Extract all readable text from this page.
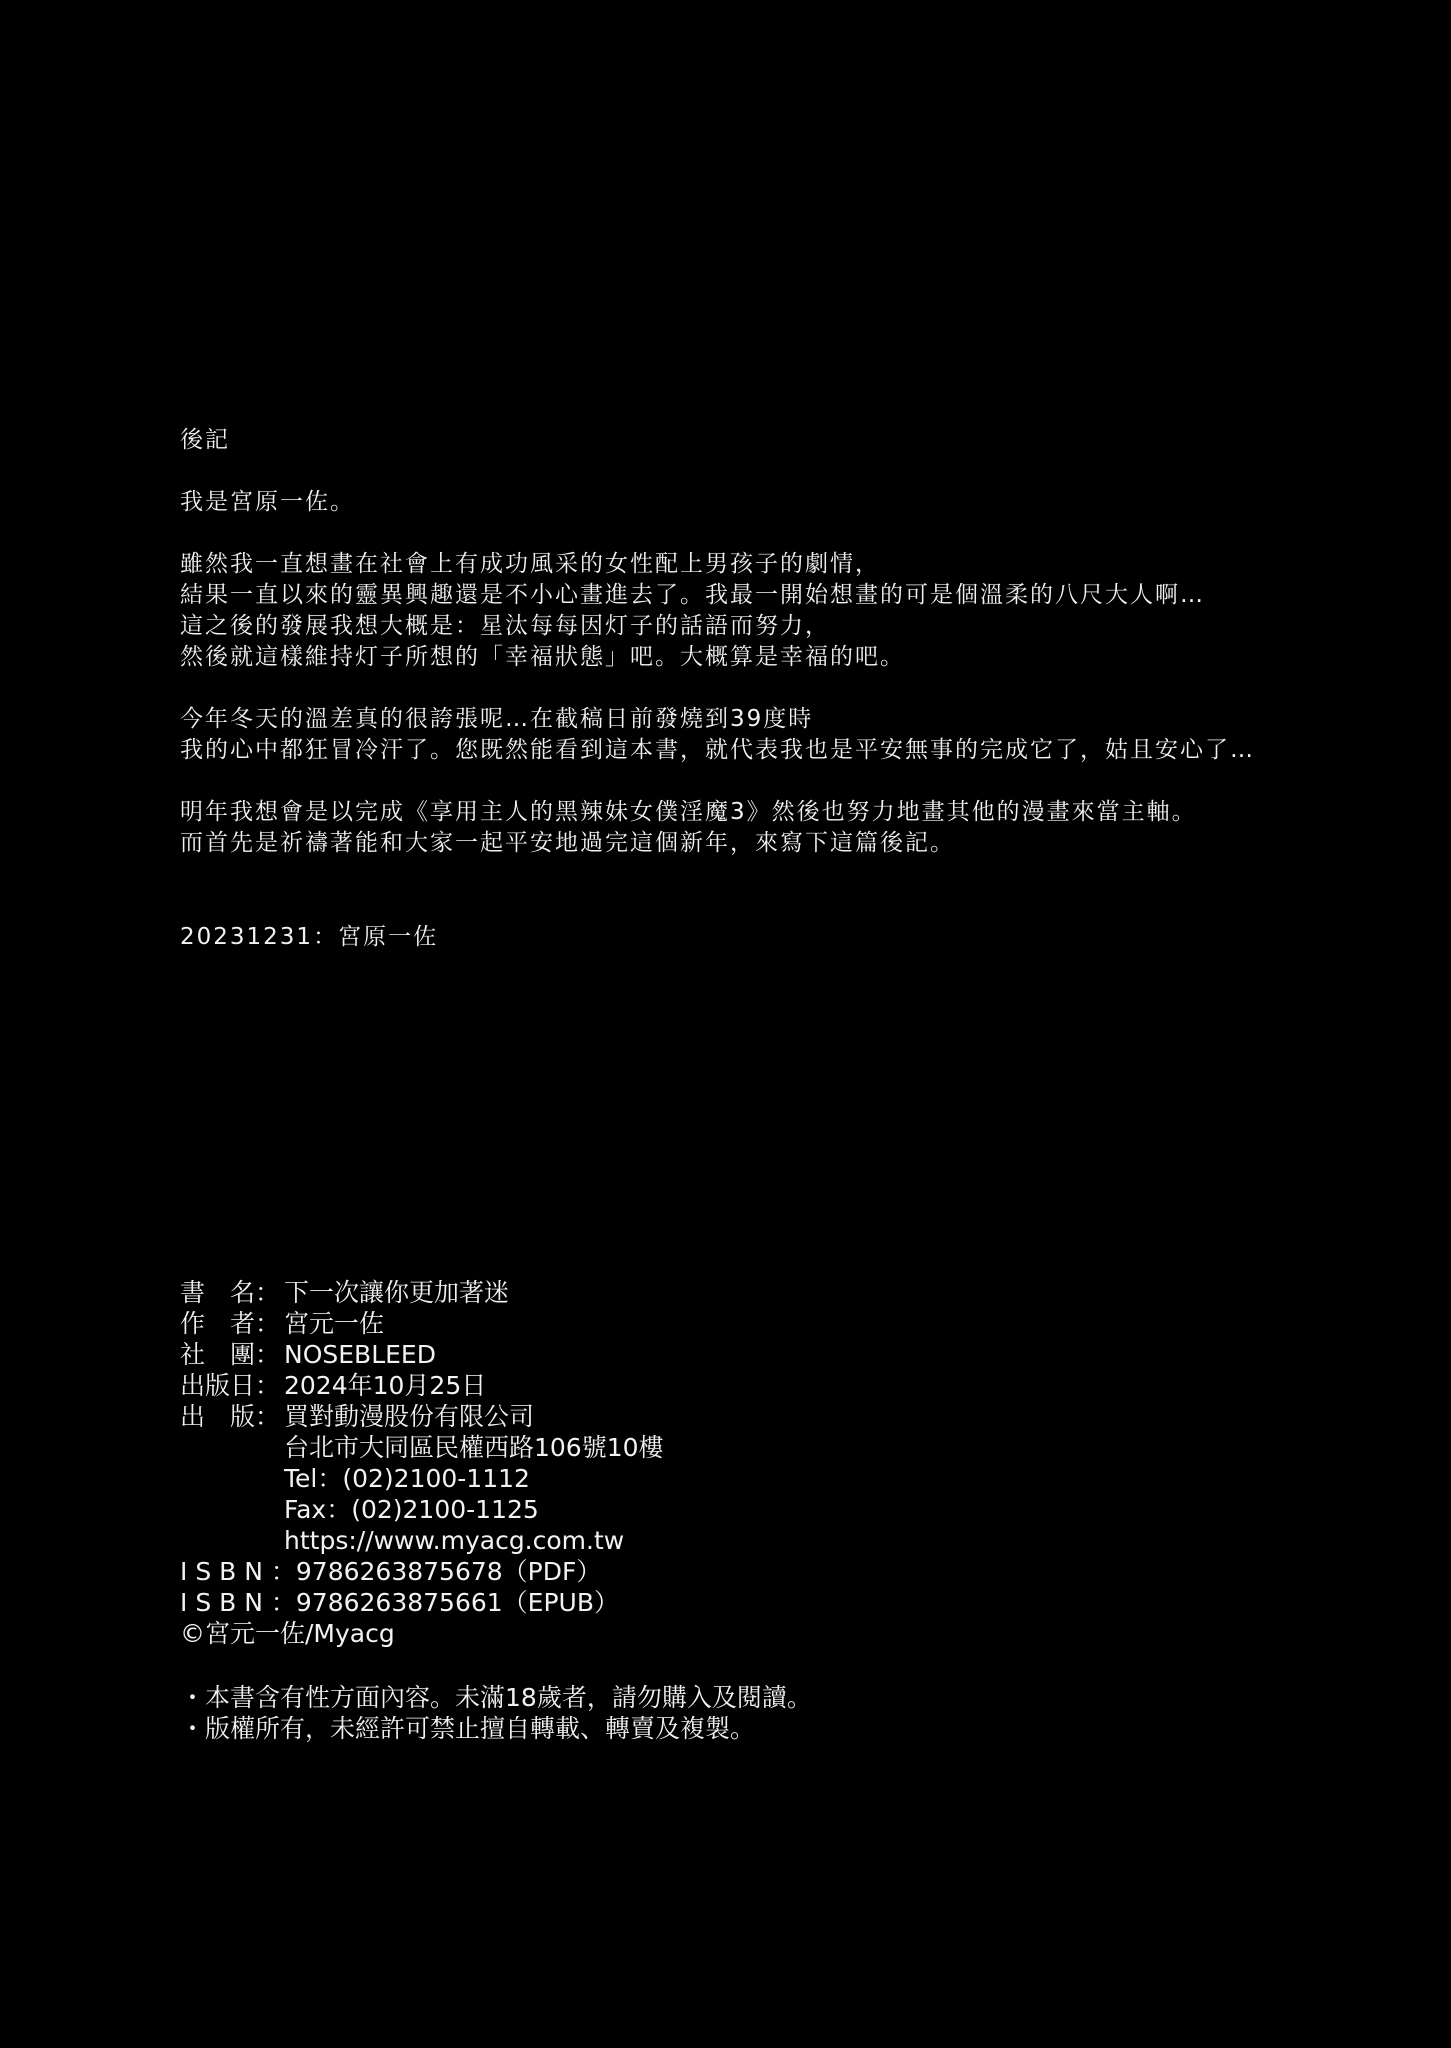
後記

我是宮原一佐。

雖然我一直想畫在社會上有成功風采的女性配上男孩子的劇情，

結果一直以來的靈異興趣還是不小心畫進去了。我最一開始想畫的可是個溫柔的八尺大人啊…

這之後的發展我想大概是：星汰每每因灯子的話語而努力，

然後就這樣維持灯子所想的「幸福狀態」吧。大概算是幸福的吧。

今年冬天的溫差真的很誇張呢…在截稿日前發燒到39度時

我的心中都狂冒冷汗了。您既然能看到這本書，就代表我也是平安無事的完成它了，姑且安心了…

明年我想會是以完成《享用主人的黑辣妹女僕淫魔3》然後也努力地畫其他的漫畫來當主軸。

而首先是祈禱著能和大家一起平安地過完這個新年，來寫下這篇後記。

20231231：宮原一佐
書　名： 下一次讓你更加著迷
作　者： 宮元一佐
社　團： NOSEBLEED
出版日： 2024年10月25日
出　版： 買對動漫股份有限公司
台北市大同區民權西路106號10樓
Tel：(02)2100-1112
Fax：(02)2100-1125
https://www.myacg.com.tw
I S B N ： 9786263875678（PDF）
I S B N ： 9786263875661（EPUB）
©宮元一佐/Myacg

・本書含有性方面內容。未滿18歲者，請勿購入及閱讀。

・版權所有，未經許可禁止擅自轉載、轉賣及複製。
